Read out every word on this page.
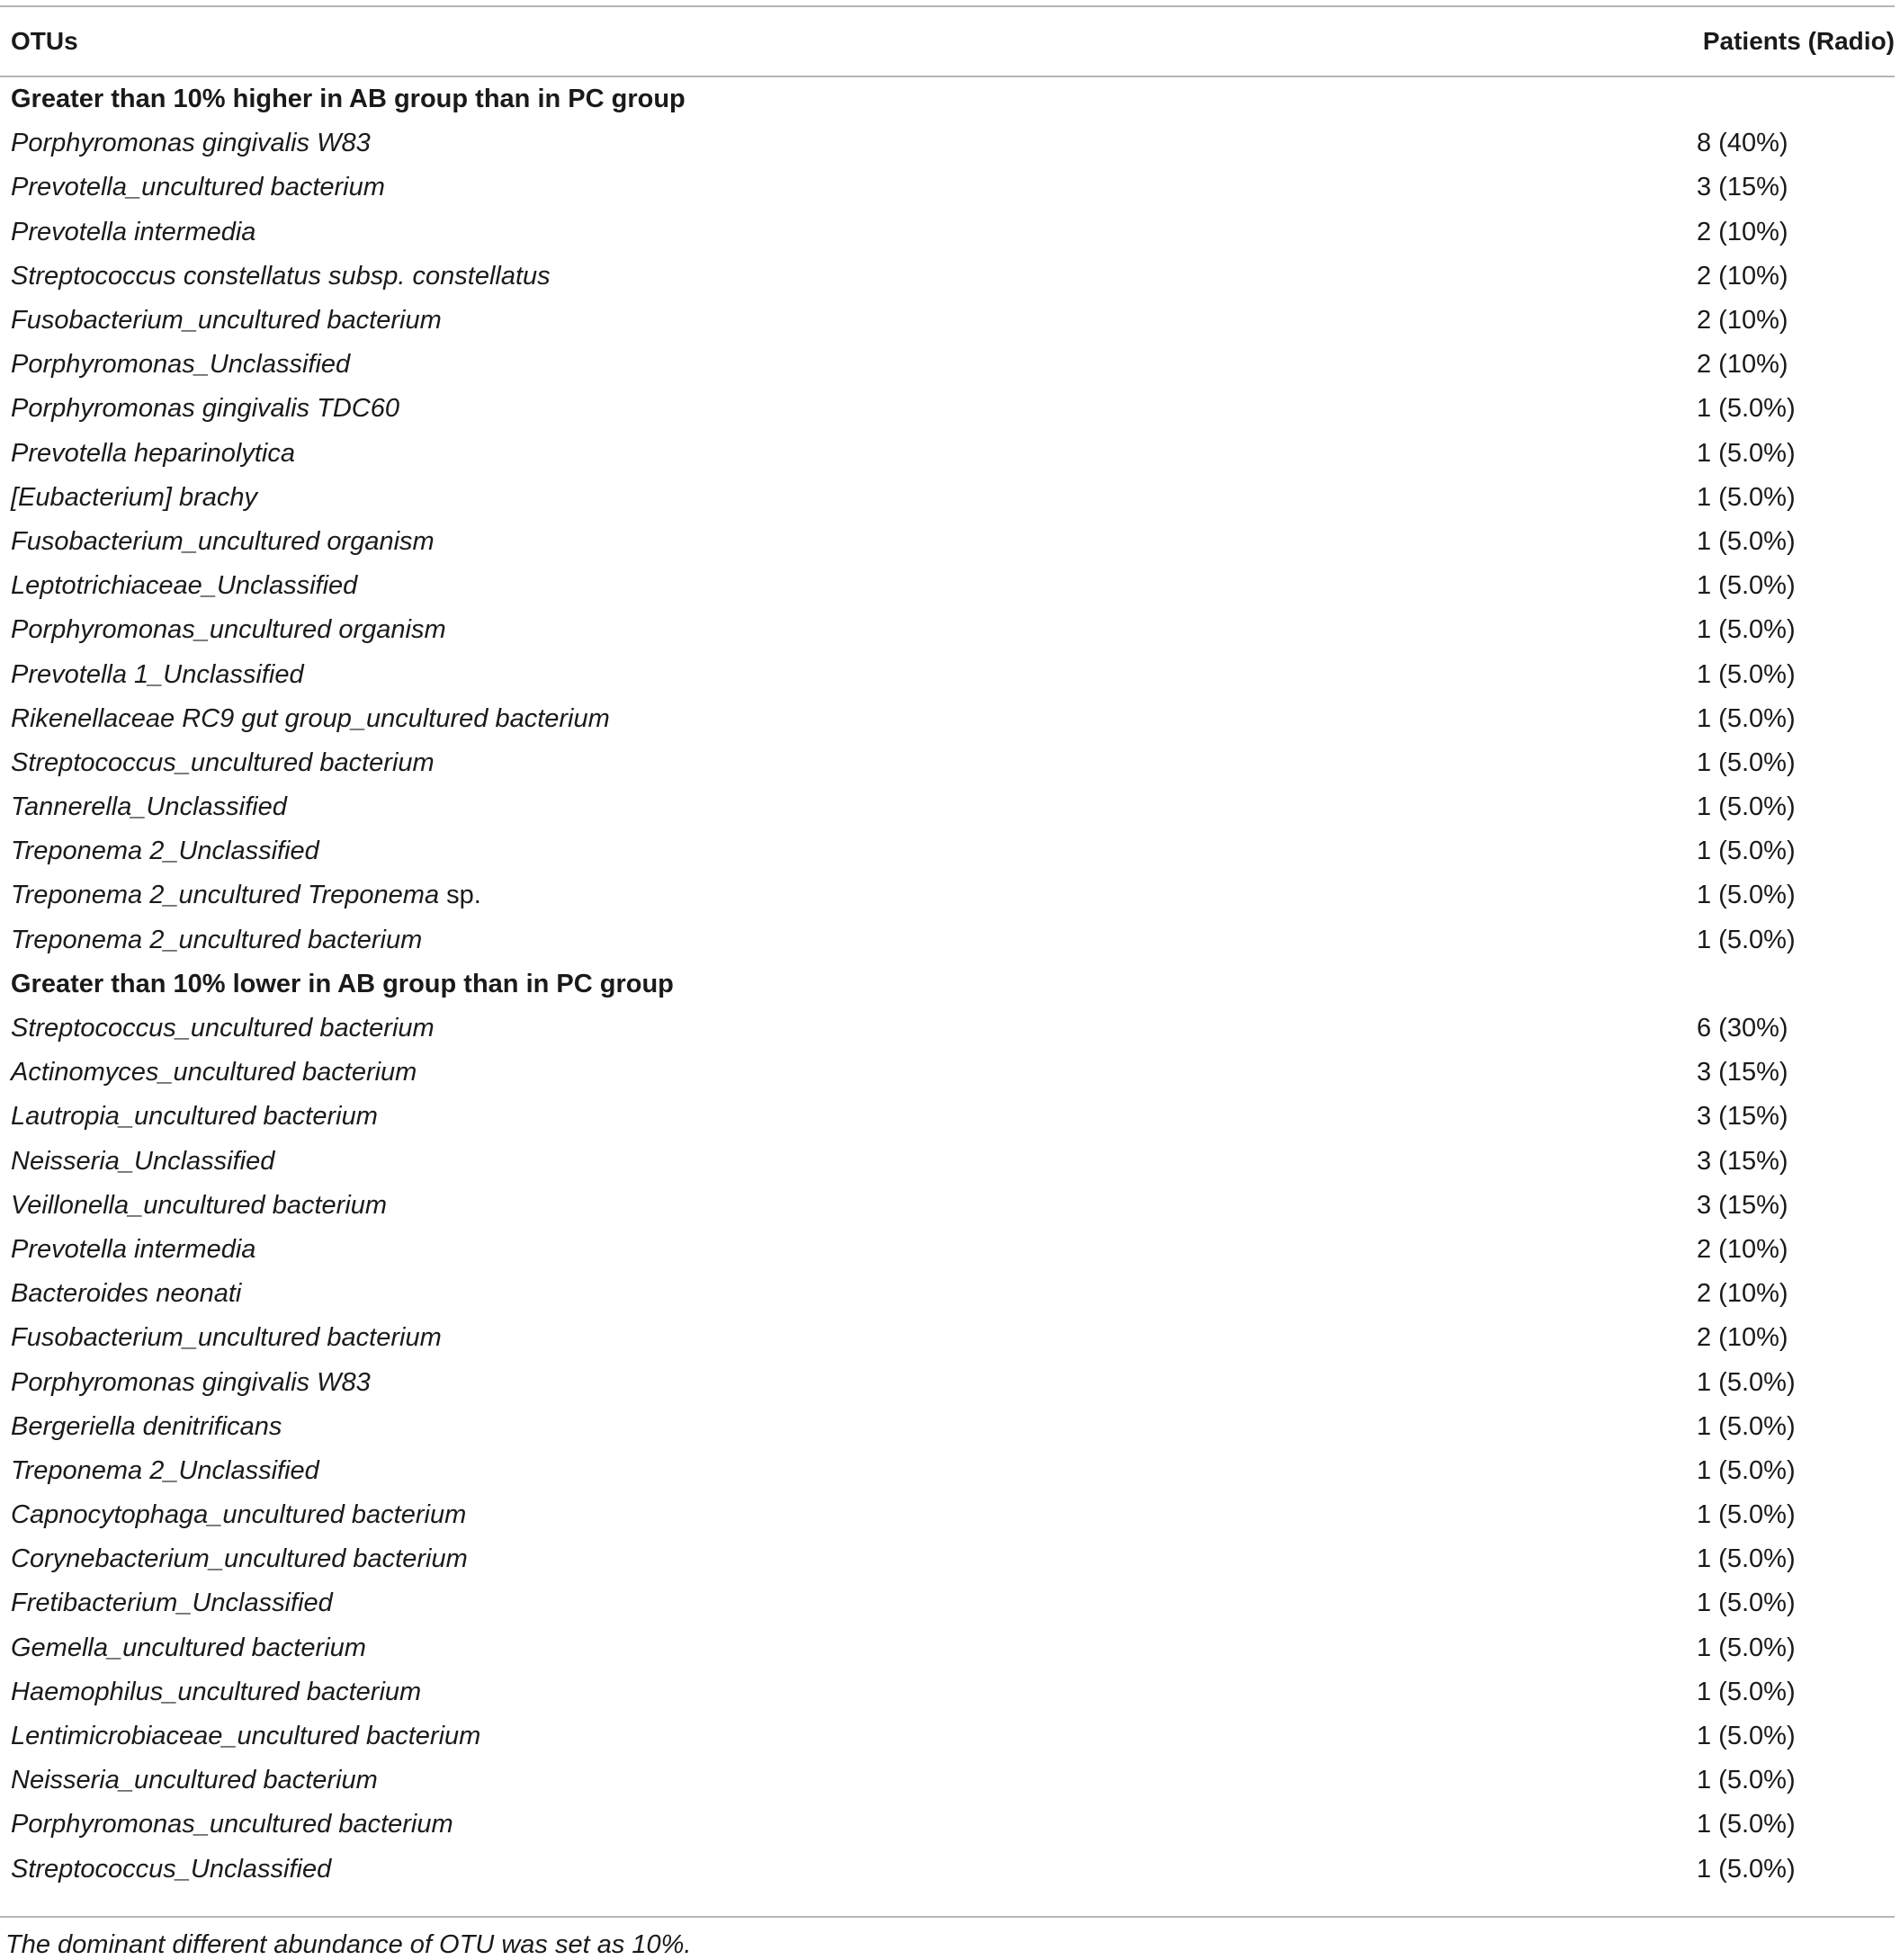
OTUs	Patients (Radio)
Greater than 10% higher in AB group than in PC group
Porphyromonas gingivalis W83	8 (40%)
Prevotella_uncultured bacterium	3 (15%)
Prevotella intermedia	2 (10%)
Streptococcus constellatus subsp. constellatus	2 (10%)
Fusobacterium_uncultured bacterium	2 (10%)
Porphyromonas_Unclassified	2 (10%)
Porphyromonas gingivalis TDC60	1 (5.0%)
Prevotella heparinolytica	1 (5.0%)
[Eubacterium] brachy	1 (5.0%)
Fusobacterium_uncultured organism	1 (5.0%)
Leptotrichiaceae_Unclassified	1 (5.0%)
Porphyromonas_uncultured organism	1 (5.0%)
Prevotella 1_Unclassified	1 (5.0%)
Rikenellaceae RC9 gut group_uncultured bacterium	1 (5.0%)
Streptococcus_uncultured bacterium	1 (5.0%)
Tannerella_Unclassified	1 (5.0%)
Treponema 2_Unclassified	1 (5.0%)
Treponema 2_uncultured Treponema sp.	1 (5.0%)
Treponema 2_uncultured bacterium	1 (5.0%)
Greater than 10% lower in AB group than in PC group
Streptococcus_uncultured bacterium	6 (30%)
Actinomyces_uncultured bacterium	3 (15%)
Lautropia_uncultured bacterium	3 (15%)
Neisseria_Unclassified	3 (15%)
Veillonella_uncultured bacterium	3 (15%)
Prevotella intermedia	2 (10%)
Bacteroides neonati	2 (10%)
Fusobacterium_uncultured bacterium	2 (10%)
Porphyromonas gingivalis W83	1 (5.0%)
Bergeriella denitrificans	1 (5.0%)
Treponema 2_Unclassified	1 (5.0%)
Capnocytophaga_uncultured bacterium	1 (5.0%)
Corynebacterium_uncultured bacterium	1 (5.0%)
Fretibacterium_Unclassified	1 (5.0%)
Gemella_uncultured bacterium	1 (5.0%)
Haemophilus_uncultured bacterium	1 (5.0%)
Lentimicrobiaceae_uncultured bacterium	1 (5.0%)
Neisseria_uncultured bacterium	1 (5.0%)
Porphyromonas_uncultured bacterium	1 (5.0%)
Streptococcus_Unclassified	1 (5.0%)
The dominant different abundance of OTU was set as 10%.
